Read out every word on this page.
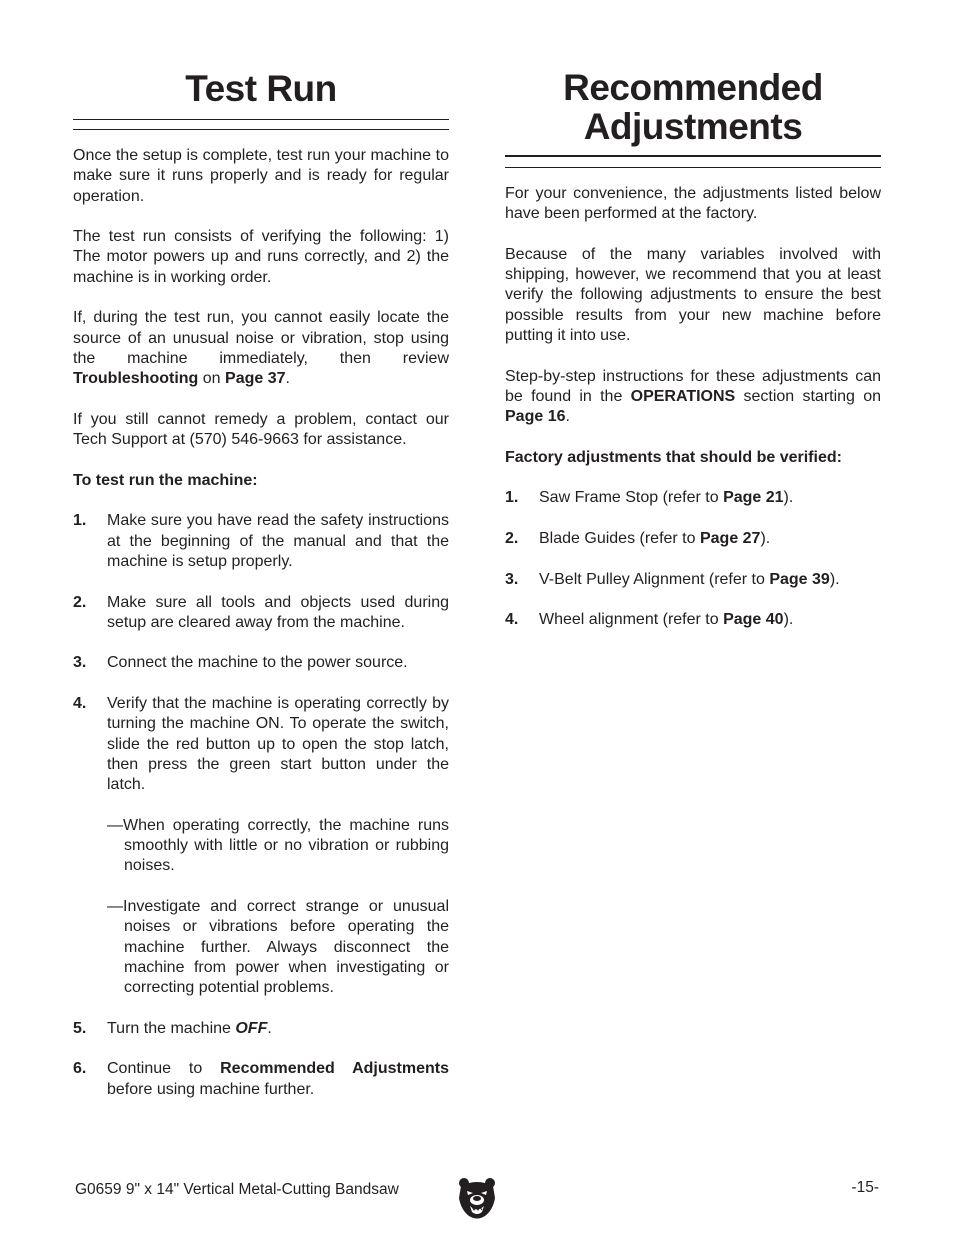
Test Run

Once the setup is complete, test run your machine to make sure it runs properly and is ready for regular operation.

The test run consists of verifying the following: 1) The motor powers up and runs correctly, and 2) the machine is in working order.

If, during the test run, you cannot easily locate the source of an unusual noise or vibration, stop using the machine immediately, then review Troubleshooting on Page 37.

If you still cannot remedy a problem, contact our Tech Support at (570) 546-9663 for assistance.

To test run the machine:

1. Make sure you have read the safety instructions at the beginning of the manual and that the machine is setup properly.
2. Make sure all tools and objects used during setup are cleared away from the machine.
3. Connect the machine to the power source.
4. Verify that the machine is operating correctly by turning the machine ON. To operate the switch, slide the red button up to open the stop latch, then press the green start button under the latch.
—When operating correctly, the machine runs smoothly with little or no vibration or rubbing noises.
—Investigate and correct strange or unusual noises or vibrations before operating the machine further. Always disconnect the machine from power when investigating or correcting potential problems.
5. Turn the machine OFF.
6. Continue to Recommended Adjustments before using machine further.
Recommended
Adjustments

For your convenience, the adjustments listed below have been performed at the factory.

Because of the many variables involved with shipping, however, we recommend that you at least verify the following adjustments to ensure the best possible results from your new machine before putting it into use.

Step-by-step instructions for these adjustments can be found in the OPERATIONS section starting on Page 16.

Factory adjustments that should be verified:

1. Saw Frame Stop (refer to Page 21).
2. Blade Guides (refer to Page 27).
3. V-Belt Pulley Alignment (refer to Page 39).
4. Wheel alignment (refer to Page 40).
G0659 9" x 14" Vertical Metal-Cutting Bandsaw	-15-
